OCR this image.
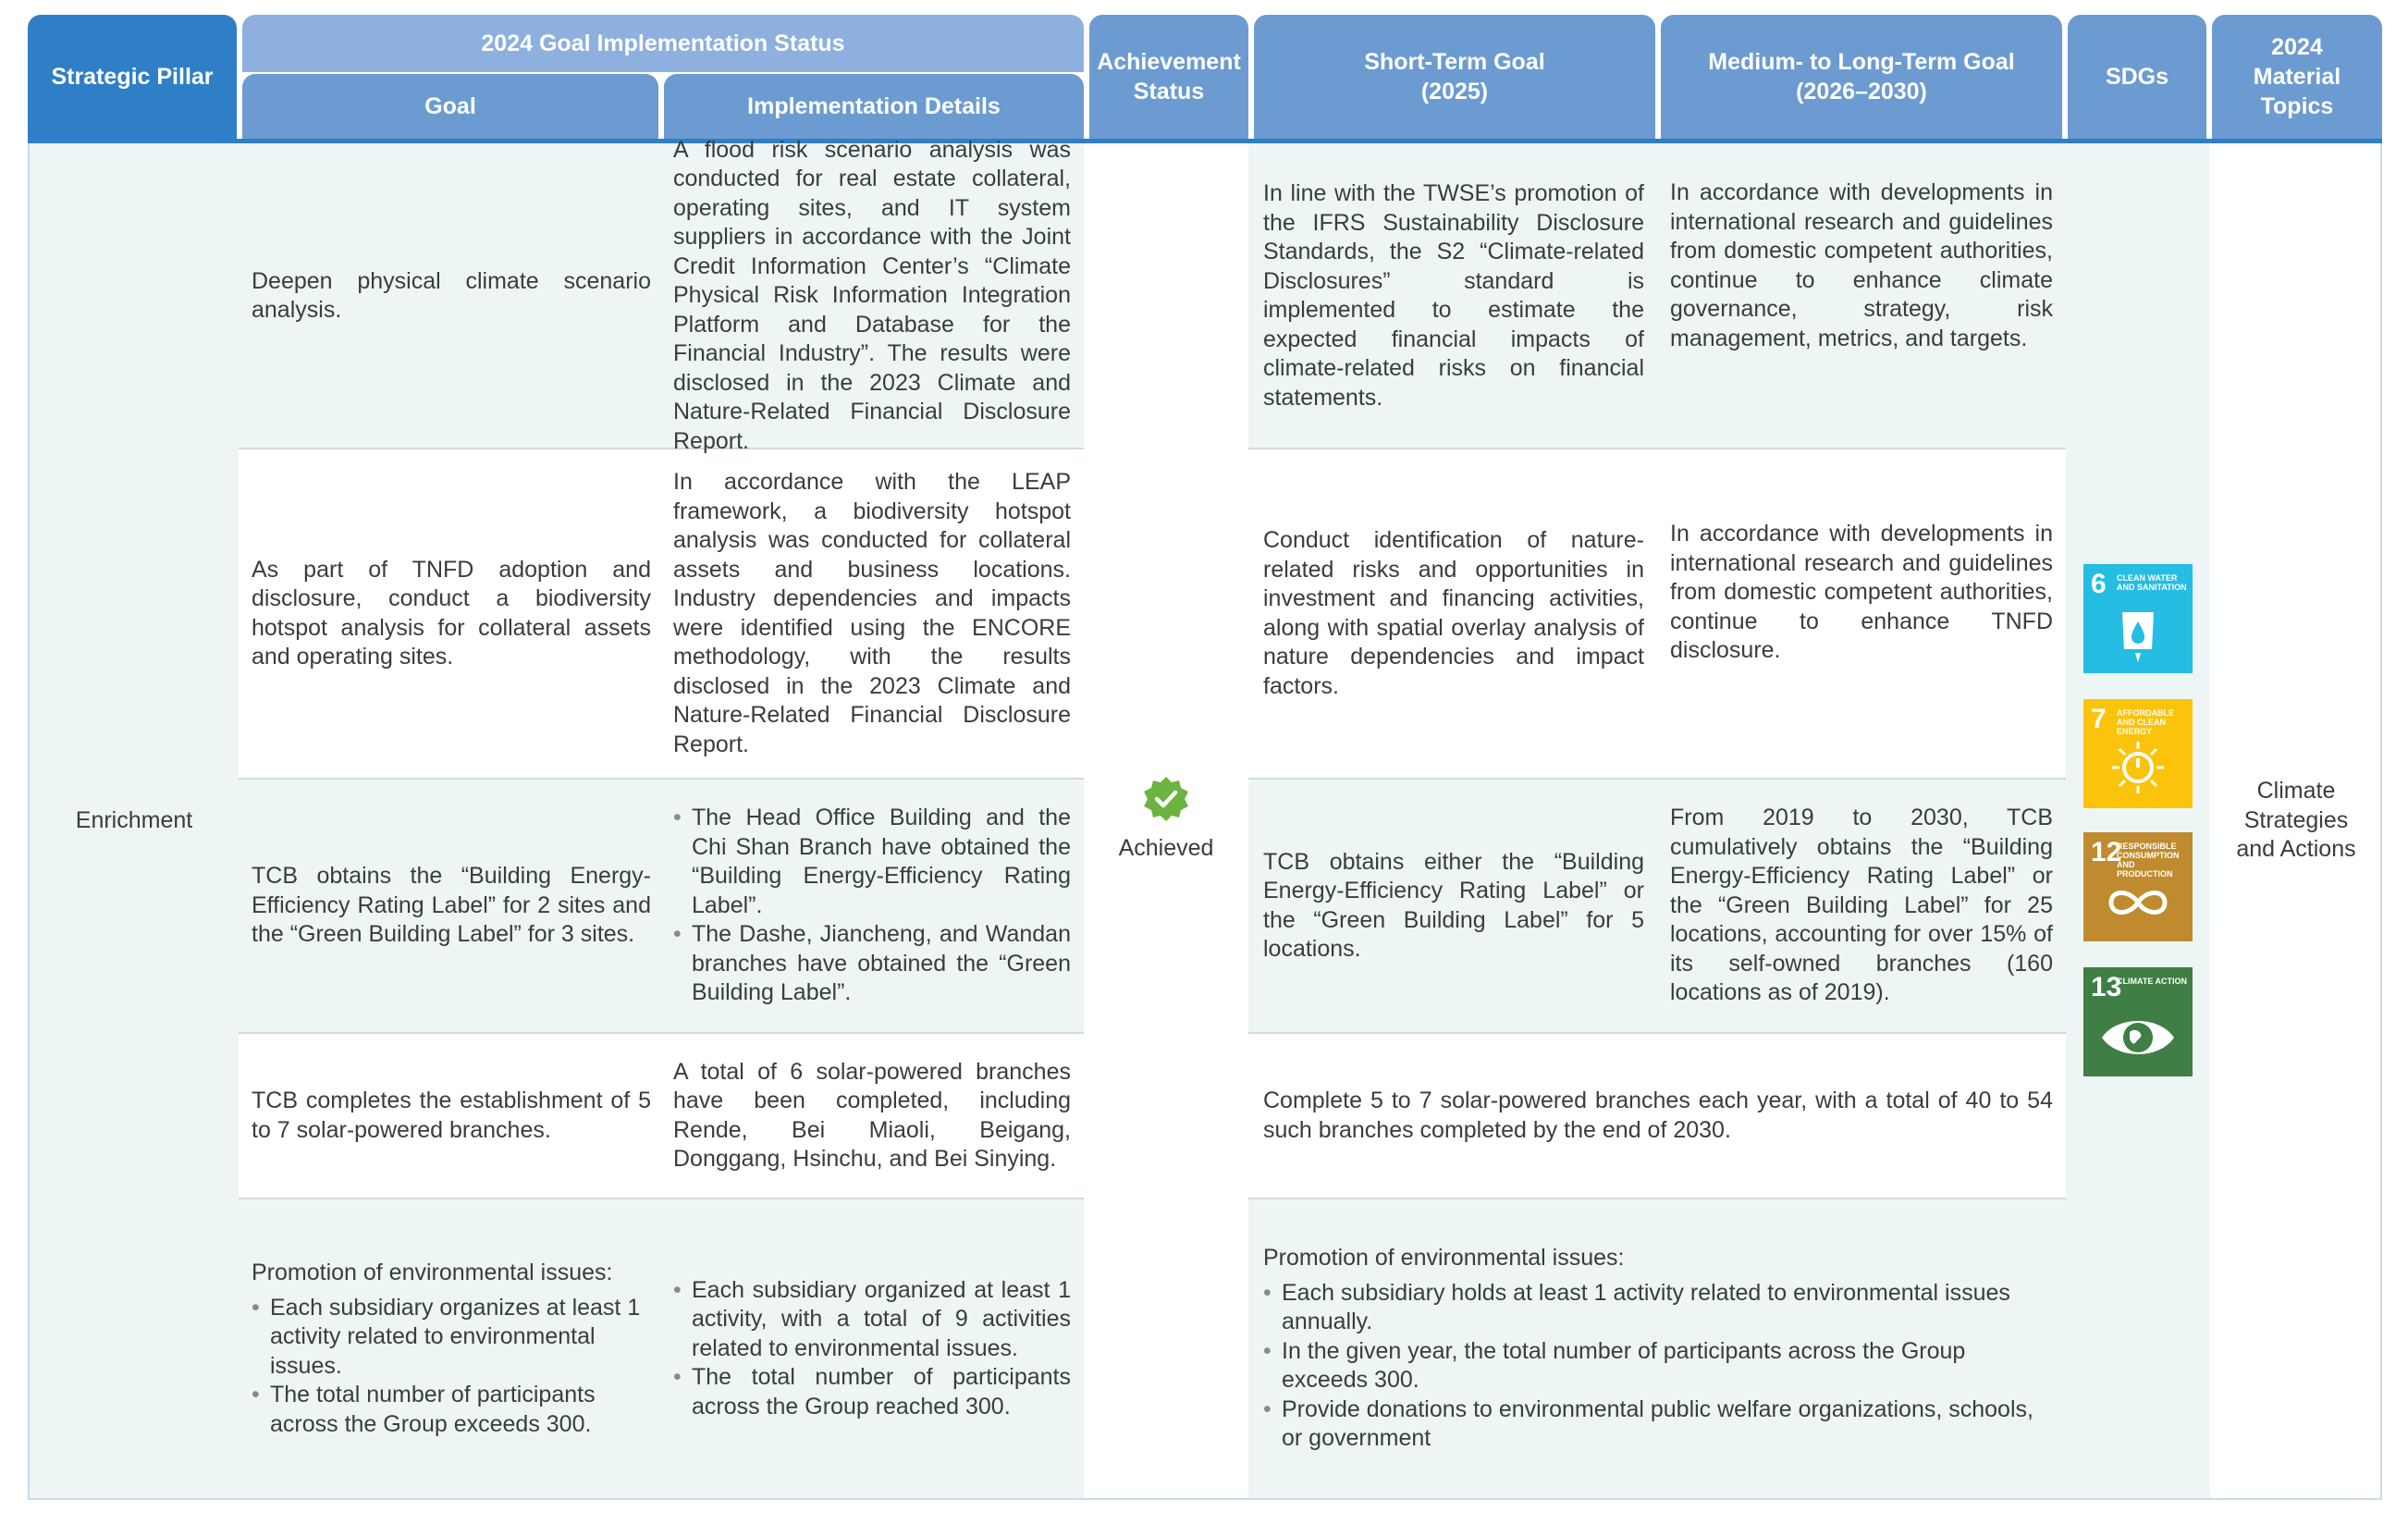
Strategic Pillar
2024 Goal Implementation Status
Goal	Implementation Details
Achievement
Status
Short-Term Goal
(2025)
Medium- to Long-Term Goal
(2026–2030)
SDGs
2024
Material
Topics

Enrichment

Achieved

Climate
Strategies
and Actions

Deepen physical climate scenario analysis.

A flood risk scenario analysis was conducted for real estate collateral, operating sites, and IT system suppliers in accordance with the Joint Credit Information Center’s “Climate Physical Risk Information Integration Platform and Database for the Financial Industry”. The results were disclosed in the 2023 Climate and Nature-Related Financial Disclosure Report.

In line with the TWSE’s promotion of the IFRS Sustainability Disclosure Standards, the S2 “Climate-related Disclosures” standard is implemented to estimate the expected financial impacts of climate-related risks on financial statements.

In accordance with developments in international research and guidelines from domestic competent authorities, continue to enhance climate governance, strategy, risk management, metrics, and targets.

As part of TNFD adoption and disclosure, conduct a biodiversity hotspot analysis for collateral assets and operating sites.

In accordance with the LEAP framework, a biodiversity hotspot analysis was conducted for collateral assets and business locations. Industry dependencies and impacts were identified using the ENCORE methodology, with the results disclosed in the 2023 Climate and Nature-Related Financial Disclosure Report.

Conduct identification of nature-related risks and opportunities in investment and financing activities, along with spatial overlay analysis of nature dependencies and impact factors.

In accordance with developments in international research and guidelines from domestic competent authorities, continue to enhance TNFD disclosure.

TCB obtains the “Building Energy-Efficiency Rating Label” for 2 sites and the “Green Building Label” for 3 sites.

• The Head Office Building and the Chi Shan Branch have obtained the “Building Energy-Efficiency Rating Label”.
• The Dashe, Jiancheng, and Wandan branches have obtained the “Green Building Label”.

TCB obtains either the “Building Energy-Efficiency Rating Label” or the “Green Building Label” for 5 locations.

From 2019 to 2030, TCB cumulatively obtains the “Building Energy-Efficiency Rating Label” or the “Green Building Label” for 25 locations, accounting for over 15% of its self-owned branches (160 locations as of 2019).

TCB completes the establishment of 5 to 7 solar-powered branches.

A total of 6 solar-powered branches have been completed, including Rende, Bei Miaoli, Beigang, Donggang, Hsinchu, and Bei Sinying.

Complete 5 to 7 solar-powered branches each year, with a total of 40 to 54 such branches completed by the end of 2030.

Promotion of environmental issues:

• Each subsidiary organizes at least 1 activity related to environmental issues.
• The total number of participants across the Group exceeds 300.
• Each subsidiary organized at least 1 activity, with a total of 9 activities related to environmental issues.
• The total number of participants across the Group reached 300.

Promotion of environmental issues:

• Each subsidiary holds at least 1 activity related to environmental issues annually.
• In the given year, the total number of participants across the Group exceeds 300.
• Provide donations to environmental public welfare organizations, schools, or government
6 CLEAN WATER AND SANITATION
7 AFFORDABLE AND CLEAN ENERGY
12
RESPONSIBLE CONSUMPTION AND PRODUCTION
13
CLIMATE ACTION
